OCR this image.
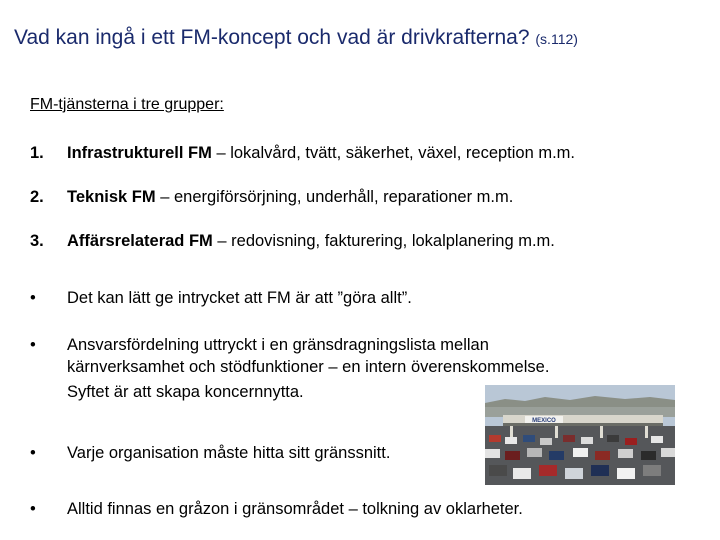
Vad kan ingå i ett FM-koncept och vad är drivkrafterna? (s.112)
FM-tjänsterna i tre grupper:
1.	Infrastrukturell FM – lokalvård, tvätt, säkerhet, växel, reception m.m.
2.	Teknisk FM – energiförsörjning, underhåll, reparationer m.m.
3.	Affärsrelaterad FM – redovisning, fakturering, lokalplanering m.m.
•	Det kan lätt ge intrycket att FM är att ”göra allt”.
•	Ansvarsfördelning uttryckt i en gränsdragningslista mellan
kärnverksamhet och stödfunktioner – en intern överenskommelse.
Syftet är att skapa koncernnytta.
•	Varje organisation måste hitta sitt gränssnitt.
•	Alltid finnas en gråzon i gränsområdet – tolkning av oklarheter.
MEXICO
